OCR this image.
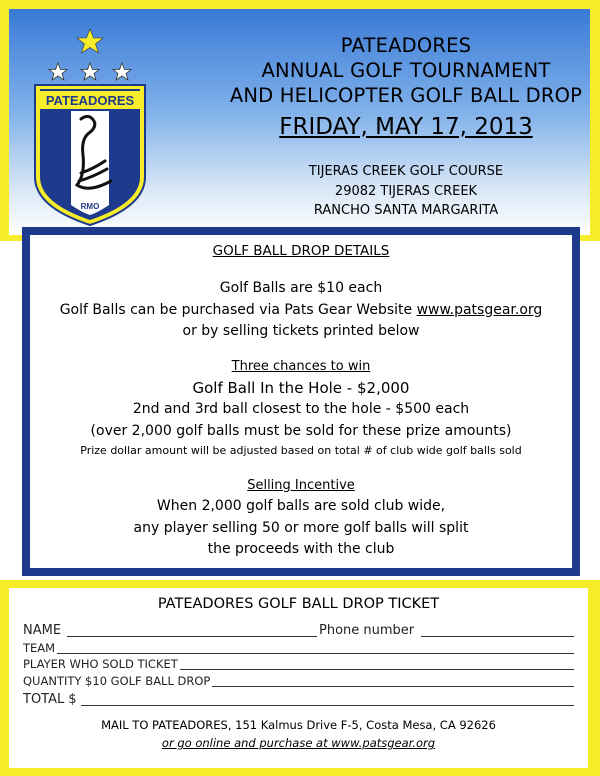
PATEADORES
RMO
PATEADORES
ANNUAL GOLF TOURNAMENT
AND HELICOPTER GOLF BALL DROP
FRIDAY, MAY 17, 2013
TIJERAS CREEK GOLF COURSE
29082 TIJERAS CREEK
RANCHO SANTA MARGARITA
GOLF BALL DROP DETAILS
Golf Balls are $10 each
Golf Balls can be purchased via Pats Gear Website www.patsgear.org
or by selling tickets printed below
Three chances to win
Golf Ball In the Hole - $2,000
2nd and 3rd ball closest to the hole - $500 each
(over 2,000 golf balls must be sold for these prize amounts)
Prize dollar amount will be adjusted based on total # of club wide golf balls sold
Selling Incentive
When 2,000 golf balls are sold club wide,
any player selling 50 or more golf balls will split
the proceeds with the club
PATEADORES GOLF BALL DROP TICKET
NAME	Phone number
TEAM
PLAYER WHO SOLD TICKET
QUANTITY $10 GOLF BALL DROP
TOTAL $
MAIL TO PATEADORES, 151 Kalmus Drive F-5, Costa Mesa, CA 92626
or go online and purchase at www.patsgear.org
